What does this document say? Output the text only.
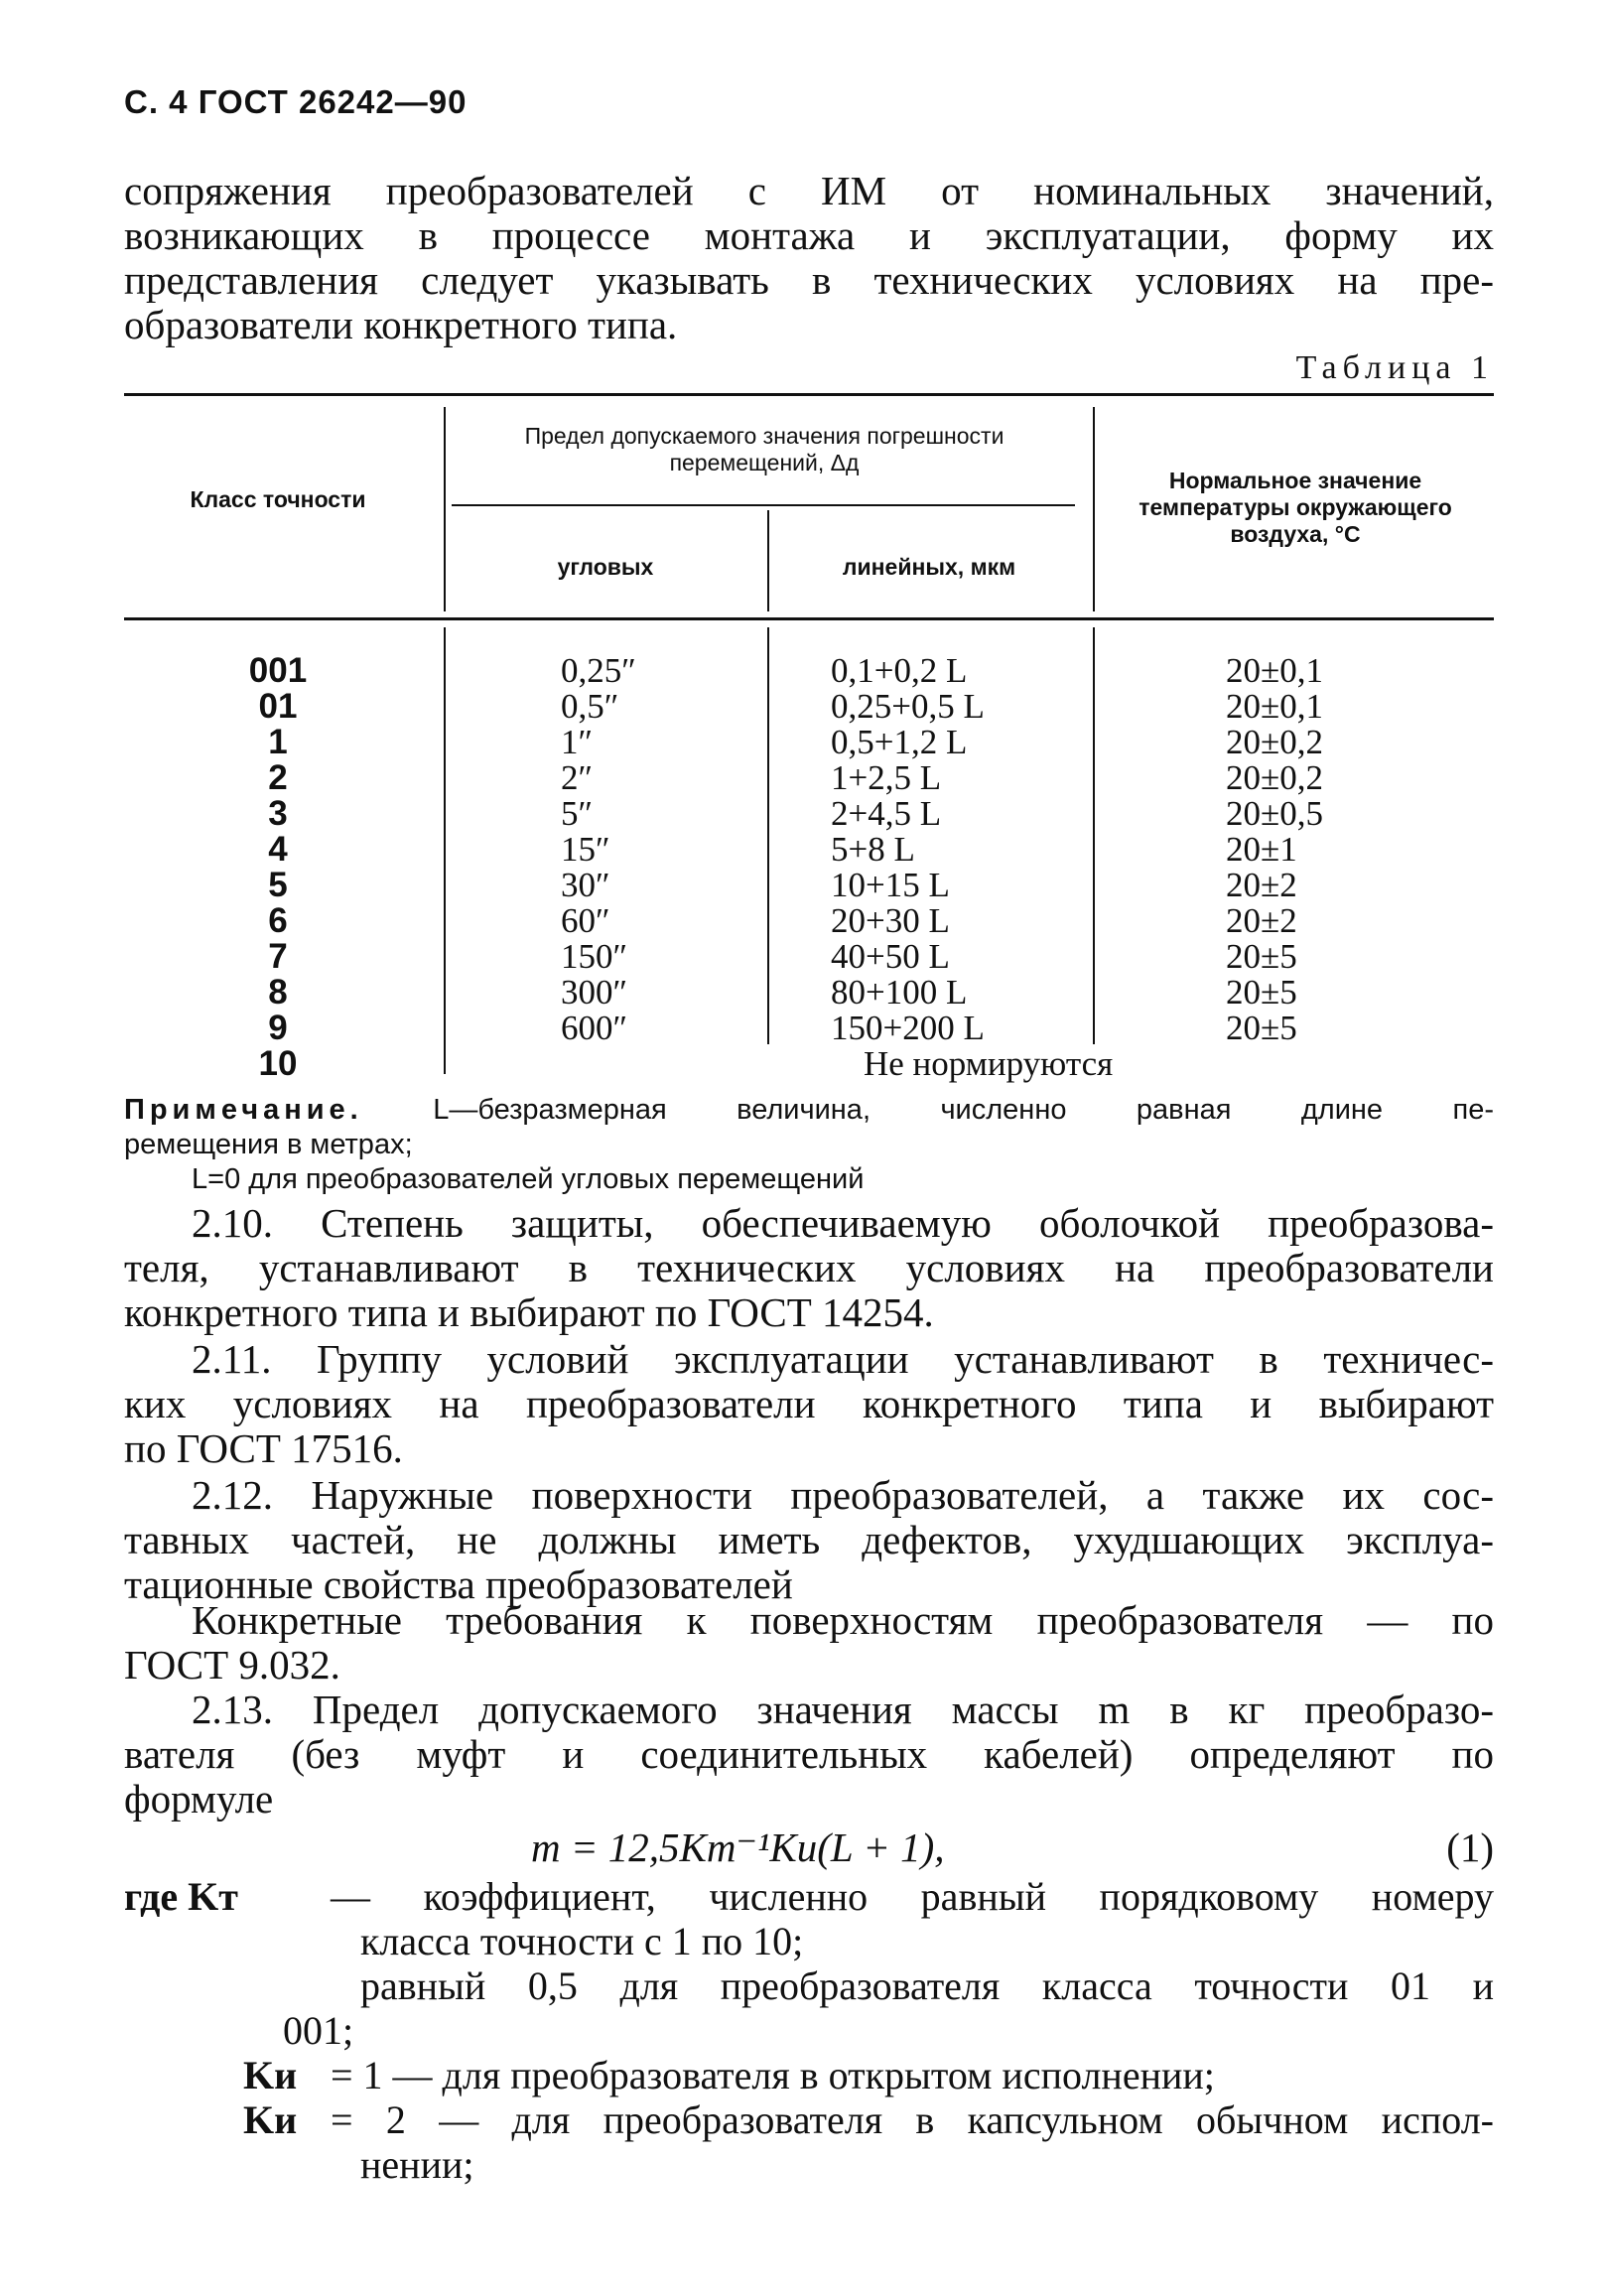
С. 4 ГОСТ 26242—90
сопряжения преобразователей с ИМ от номинальных значений,
возникающих в процессе монтажа и эксплуатации, форму их
представления следует указывать в технических условиях на пре-
образователи конкретного типа.
Таблица 1
Класс точности
Предел допускаемого значения погрешности перемещений, Δд
угловых	линейных, мкм
Нормальное значение температуры окружающего воздуха, °С
001	0,25″	0,1+0,2 L	20±0,1
01	0,5″	0,25+0,5 L	20±0,1
1	1″	0,5+1,2 L	20±0,2
2	2″	1+2,5 L	20±0,2
3	5″	2+4,5 L	20±0,5
4	15″	5+8 L	20±1
5	30″	10+15 L	20±2
6	60″	20+30 L	20±2
7	150″	40+50 L	20±5
8	300″	80+100 L	20±5
9	600″	150+200 L	20±5
10	Не нормируются
Примечание. L—безразмерная величина, численно равная длине пе-
ремещения в метрах;
L=0 для преобразователей угловых перемещений
2.10. Степень защиты, обеспечиваемую оболочкой преобразова-
теля, устанавливают в технических условиях на преобразователи
конкретного типа и выбирают по ГОСТ 14254.
2.11. Группу условий эксплуатации устанавливают в техничес-
ких условиях на преобразователи конкретного типа и выбирают
по ГОСТ 17516.
2.12. Наружные поверхности преобразователей, а также их сос-
тавных частей, не должны иметь дефектов, ухудшающих эксплуа-
тационные свойства преобразователей
Конкретные требования к поверхностям преобразователя — по
ГОСТ 9.032.
2.13. Предел допускаемого значения массы m в кг преобразо-
вателя (без муфт и соединительных кабелей) определяют по
формуле
m = 12,5Kт⁻¹Kи(L + 1),	(1)
где Kт — коэффициент, численно равный порядковому номеру
класса точности с 1 по 10;
равный 0,5 для преобразователя класса точности 01 и
001;
Kи = 1 — для преобразователя в открытом исполнении;
Kи = 2 — для преобразователя в капсульном обычном испол-
нении;
